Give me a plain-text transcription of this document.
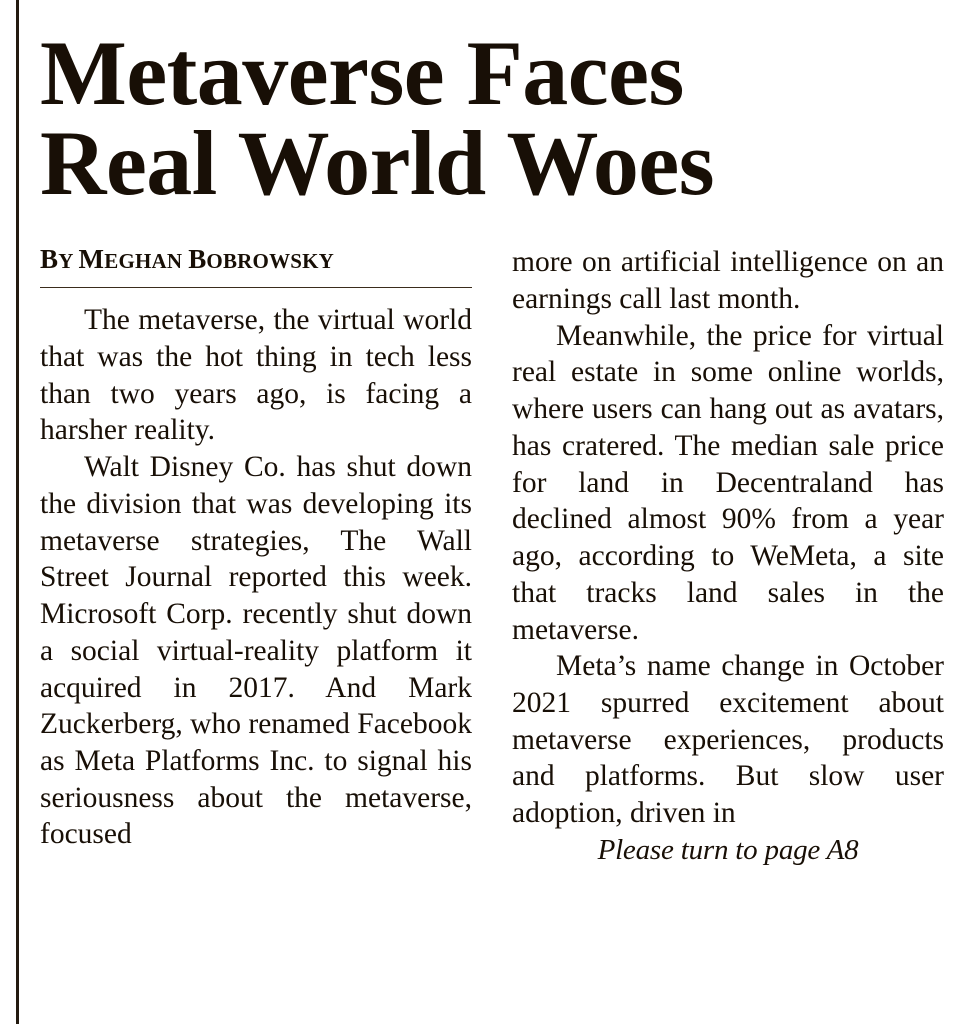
Metaverse Faces
Real World Woes
BY MEGHAN BOBROWSKY

The metaverse, the virtual world that was the hot thing in tech less than two years ago, is facing a harsher reality.

Walt Disney Co. has shut down the division that was developing its metaverse strategies, The Wall Street Journal reported this week. Microsoft Corp. recently shut down a social virtual-reality platform it acquired in 2017. And Mark Zuckerberg, who renamed Facebook as Meta Platforms Inc. to signal his seriousness about the metaverse, focused

more on artificial intelligence on an earnings call last month.

Meanwhile, the price for virtual real estate in some online worlds, where users can hang out as avatars, has cratered. The median sale price for land in Decentraland has declined almost 90% from a year ago, according to WeMeta, a site that tracks land sales in the metaverse.

Meta’s name change in October 2021 spurred excitement about metaverse experiences, products and platforms. But slow user adoption, driven in

Please turn to page A8
